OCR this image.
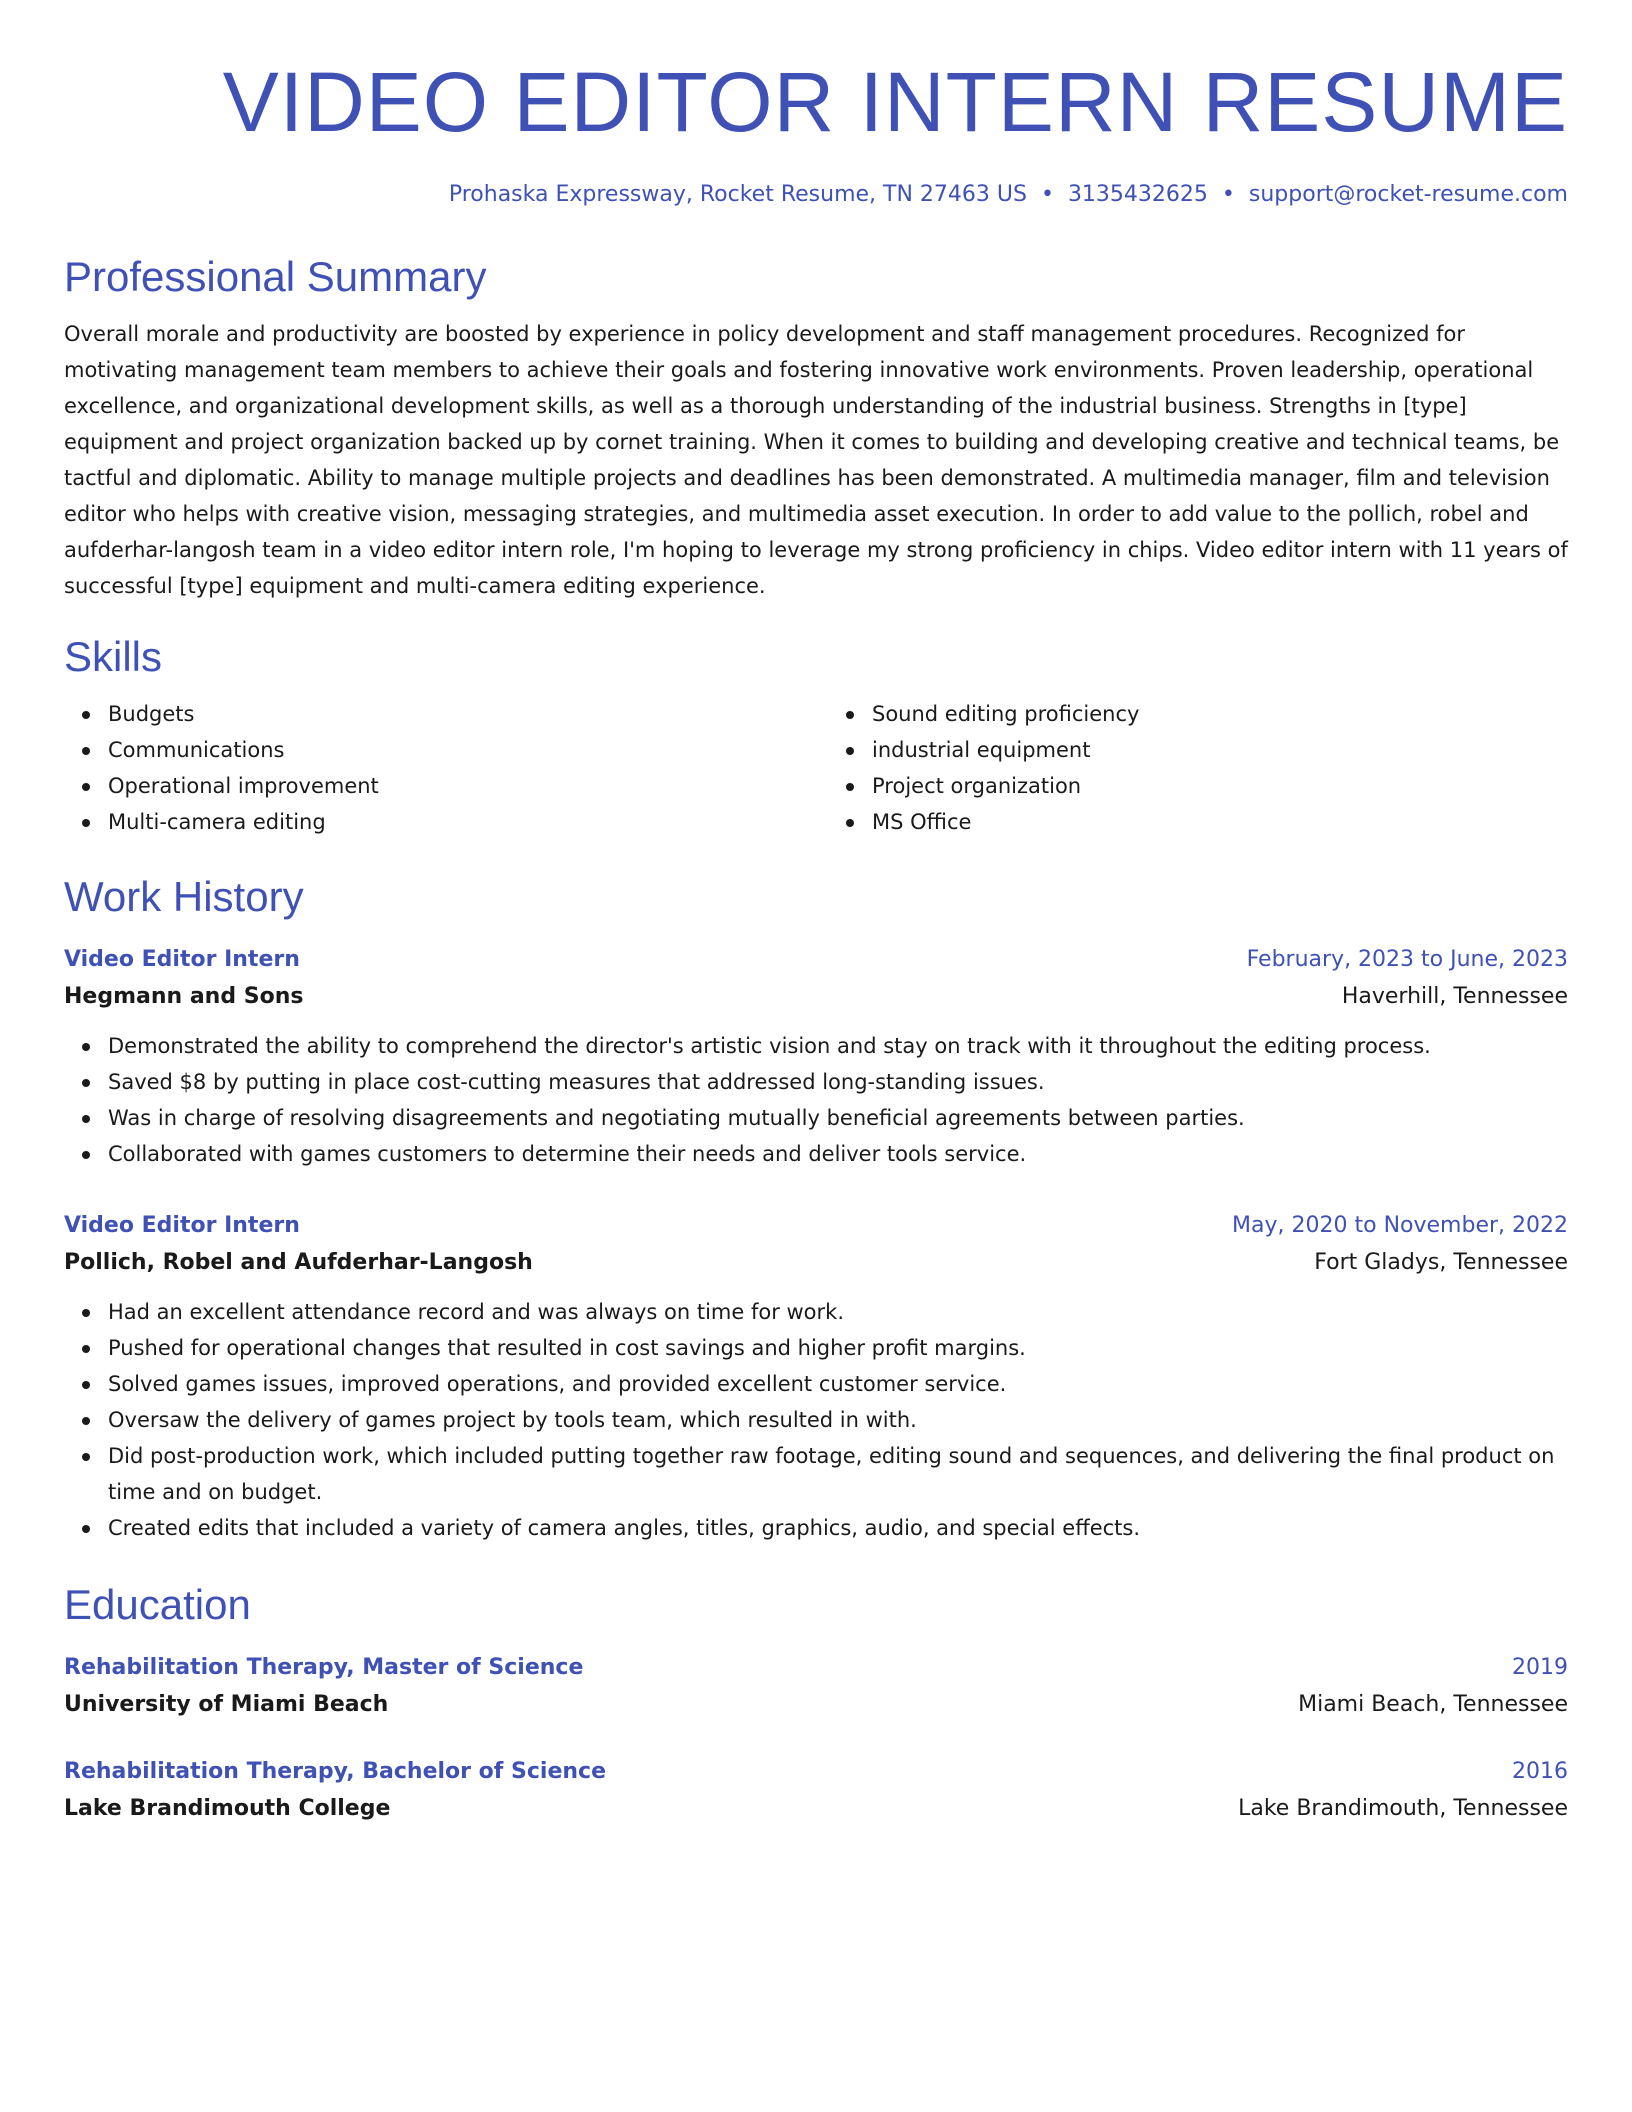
VIDEO EDITOR INTERN RESUME
Prohaska Expressway, Rocket Resume, TN 27463 US • 3135432625 • support@rocket-resume.com
Professional Summary

Overall morale and productivity are boosted by experience in policy development and staff management procedures. Recognized for motivating management team members to achieve their goals and fostering innovative work environments. Proven leadership, operational excellence, and organizational development skills, as well as a thorough understanding of the industrial business. Strengths in [type] equipment and project organization backed up by cornet training. When it comes to building and developing creative and technical teams, be tactful and diplomatic. Ability to manage multiple projects and deadlines has been demonstrated. A multimedia manager, film and television editor who helps with creative vision, messaging strategies, and multimedia asset execution. In order to add value to the pollich, robel and aufderhar-langosh team in a video editor intern role, I'm hoping to leverage my strong proficiency in chips. Video editor intern with 11 years of successful [type] equipment and multi-camera editing experience.

Skills
Budgets
Communications
Operational improvement
Multi-camera editing
Sound editing proficiency
industrial equipment
Project organization
MS Office
Work History
Video Editor Intern	February, 2023 to June, 2023
Hegmann and Sons	Haverhill, Tennessee
Demonstrated the ability to comprehend the director's artistic vision and stay on track with it throughout the editing process.
Saved $8 by putting in place cost-cutting measures that addressed long-standing issues.
Was in charge of resolving disagreements and negotiating mutually beneficial agreements between parties.
Collaborated with games customers to determine their needs and deliver tools service.
Video Editor Intern	May, 2020 to November, 2022
Pollich, Robel and Aufderhar-Langosh	Fort Gladys, Tennessee
Had an excellent attendance record and was always on time for work.
Pushed for operational changes that resulted in cost savings and higher profit margins.
Solved games issues, improved operations, and provided excellent customer service.
Oversaw the delivery of games project by tools team, which resulted in with.
Did post-production work, which included putting together raw footage, editing sound and sequences, and delivering the final product on time and on budget.
Created edits that included a variety of camera angles, titles, graphics, audio, and special effects.
Education
Rehabilitation Therapy, Master of Science	2019
University of Miami Beach	Miami Beach, Tennessee
Rehabilitation Therapy, Bachelor of Science	2016
Lake Brandimouth College	Lake Brandimouth, Tennessee
